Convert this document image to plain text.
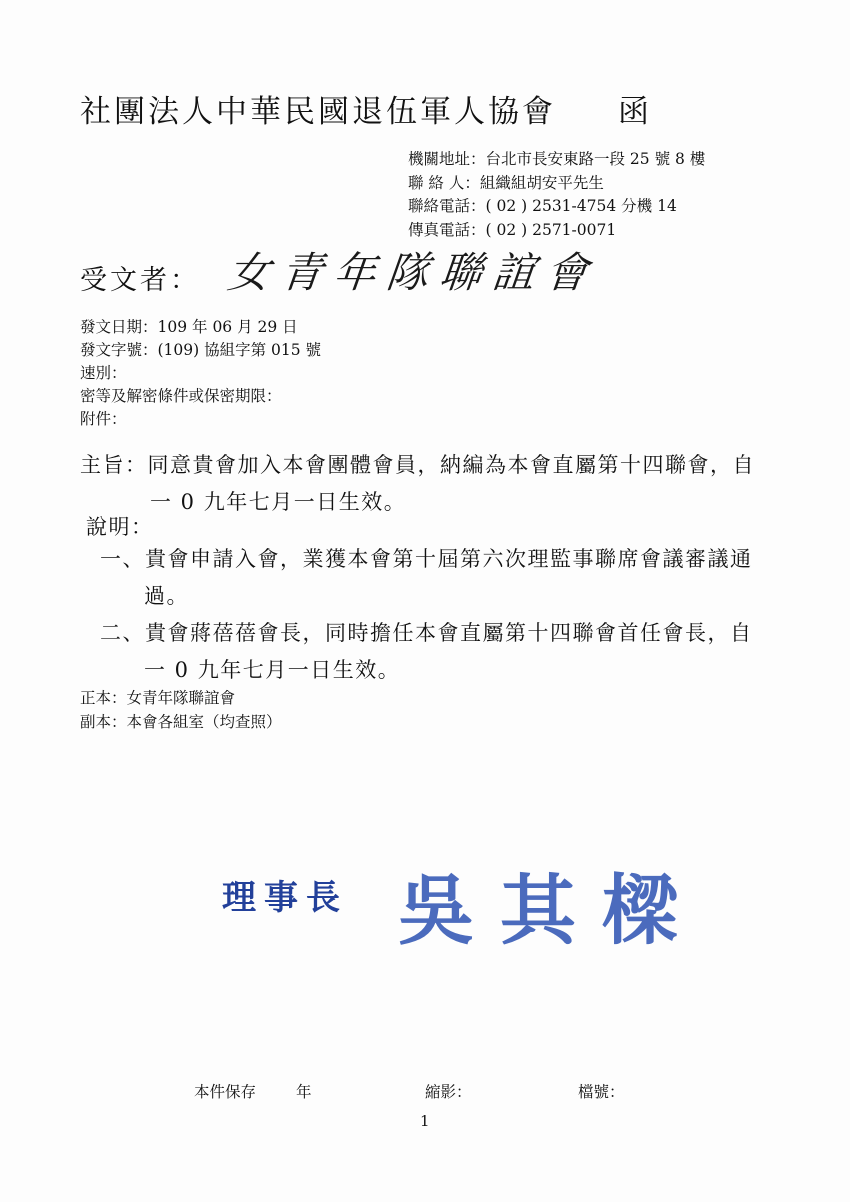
社團法人中華民國退伍軍人協會 函
機關地址：台北市長安東路一段 25 號 8 樓
聯 絡 人：組織組胡安平先生
聯絡電話：( 02 ) 2531-4754 分機 14
傳真電話：( 02 ) 2571-0071
受文者： 女青年隊聯誼會
發文日期：109 年 06 月 29 日
發文字號：(109) 協組字第 015 號
速別：
密等及解密條件或保密期限：
附件：
主旨：同意貴會加入本會團體會員，納編為本會直屬第十四聯會，自
一 0 九年七月一日生效。
說明：
一、貴會申請入會，業獲本會第十屆第六次理監事聯席會議審議通
過。
二、貴會蔣蓓蓓會長，同時擔任本會直屬第十四聯會首任會長，自
一 0 九年七月一日生效。
正本：女青年隊聯誼會
副本：本會各組室（均查照）
理事長 吳其樑
本件保存	年	縮影：	檔號：
1
